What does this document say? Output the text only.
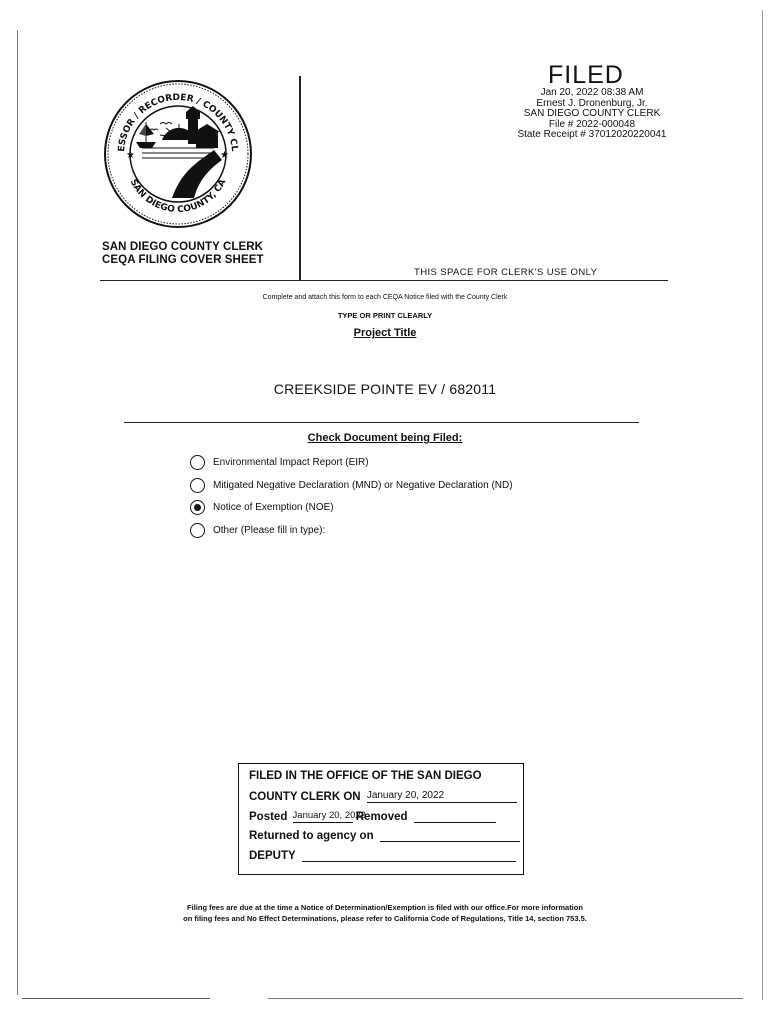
ESSOR / RECORDER / COUNTY CL
SAN DIEGO COUNTY, CA
★	★
SAN DIEGO COUNTY CLERK
CEQA FILING COVER SHEET
FILED
Jan 20, 2022 08:38 AM
Ernest J. Dronenburg, Jr.
SAN DIEGO COUNTY CLERK
File # 2022-000048
State Receipt # 37012020220041
THIS SPACE FOR CLERK'S USE ONLY
Complete and attach this form to each CEQA Notice filed with the County Clerk
TYPE OR PRINT CLEARLY
Project Title
CREEKSIDE POINTE EV / 682011
Check Document being Filed:
Environmental Impact Report (EIR)
Mitigated Negative Declaration (MND) or Negative Declaration (ND)
Notice of Exemption (NOE)
Other (Please fill in type):
FILED IN THE OFFICE OF THE SAN DIEGO
COUNTY CLERK ON January 20, 2022
Posted January 20, 2022 Removed
Returned to agency on
DEPUTY
Filing fees are due at the time a Notice of Determination/Exemption is filed with our office.For more information
on filing fees and No Effect Determinations, please refer to California Code of Regulations, Title 14, section 753.5.
